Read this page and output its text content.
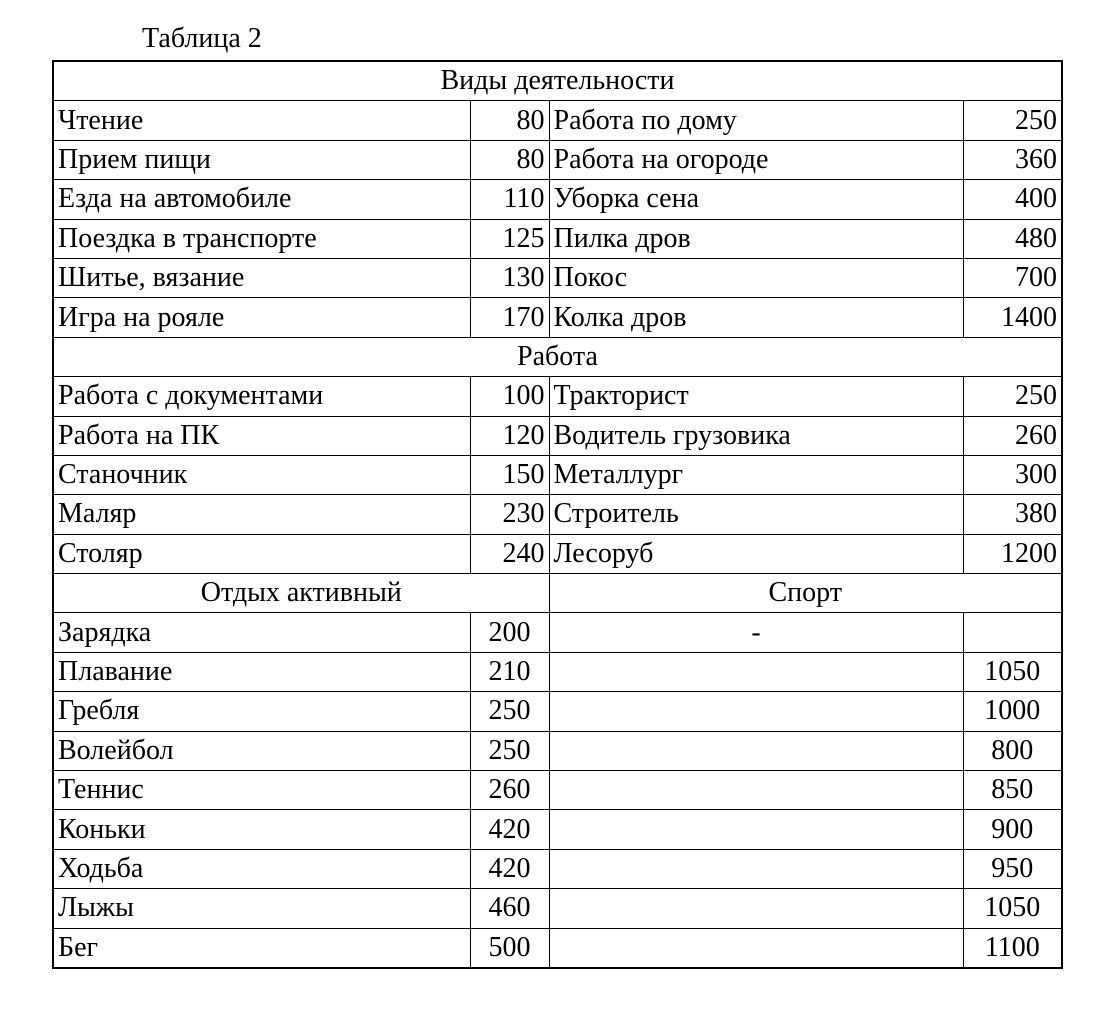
Таблица 2
Виды деятельности			
Чтение	80	Работа по дому	250
Прием пищи	80	Работа на огороде	360
Езда на автомобиле	110	Уборка сена	400
Поездка в транспорте	125	Пилка дров	480
Шитье, вязание	130	Покос	700
Игра на рояле	170	Колка дров	1400
Работа			
Работа с документами	100	Тракторист	250
Работа на ПК	120	Водитель грузовика	260
Станочник	150	Металлург	300
Маляр	230	Строитель	380
Столяр	240	Лесоруб	1200
Отдых активный		Спорт	
Зарядка	200	-	
Плавание	210		1050
Гребля	250		1000
Волейбол	250		800
Теннис	260		850
Коньки	420		900
Ходьба	420		950
Лыжы	460		1050
Бег	500		1100
